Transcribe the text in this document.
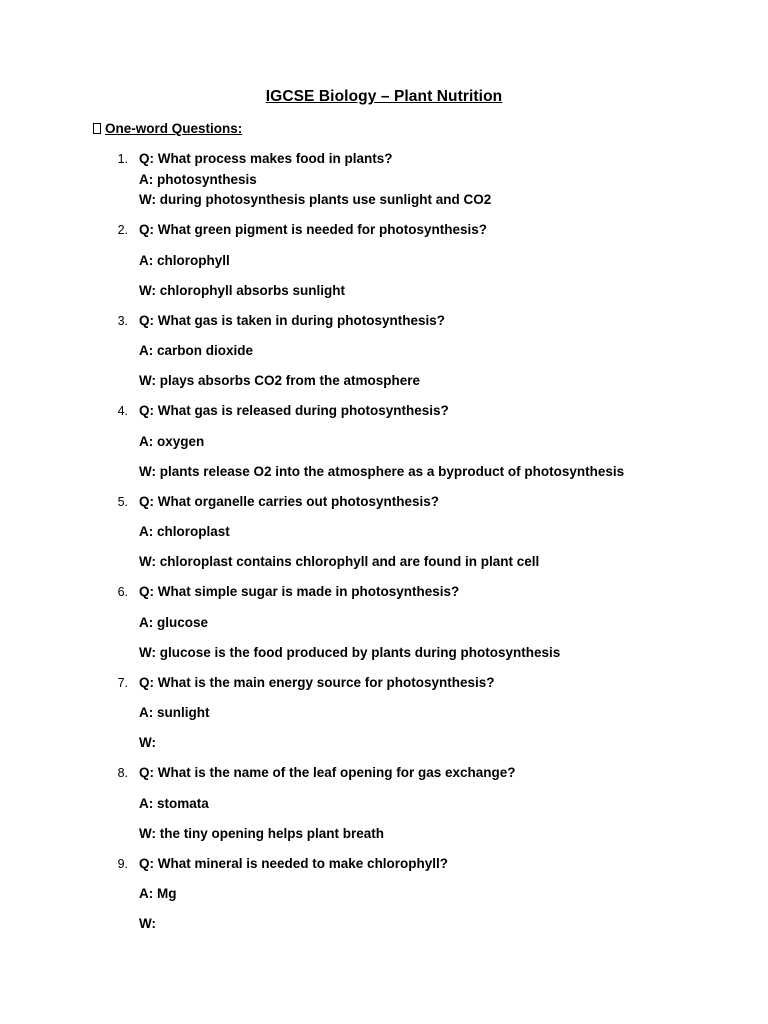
IGCSE Biology – Plant Nutrition
One-word Questions:
1. Q: What process makes food in plants?
A: photosynthesis
W: during photosynthesis plants use sunlight and CO2
2. Q: What green pigment is needed for photosynthesis?
A: chlorophyll
W: chlorophyll absorbs sunlight
3. Q: What gas is taken in during photosynthesis?
A: carbon dioxide
W: plays absorbs CO2 from the atmosphere
4. Q: What gas is released during photosynthesis?
A: oxygen
W: plants release O2 into the atmosphere as a byproduct of photosynthesis
5. Q: What organelle carries out photosynthesis?
A: chloroplast
W: chloroplast contains chlorophyll and are found in plant cell
6. Q: What simple sugar is made in photosynthesis?
A: glucose
W: glucose is the food produced by plants during photosynthesis
7. Q: What is the main energy source for photosynthesis?
A: sunlight
W:
8. Q: What is the name of the leaf opening for gas exchange?
A: stomata
W: the tiny opening helps plant breath
9. Q: What mineral is needed to make chlorophyll?
A: Mg
W:
